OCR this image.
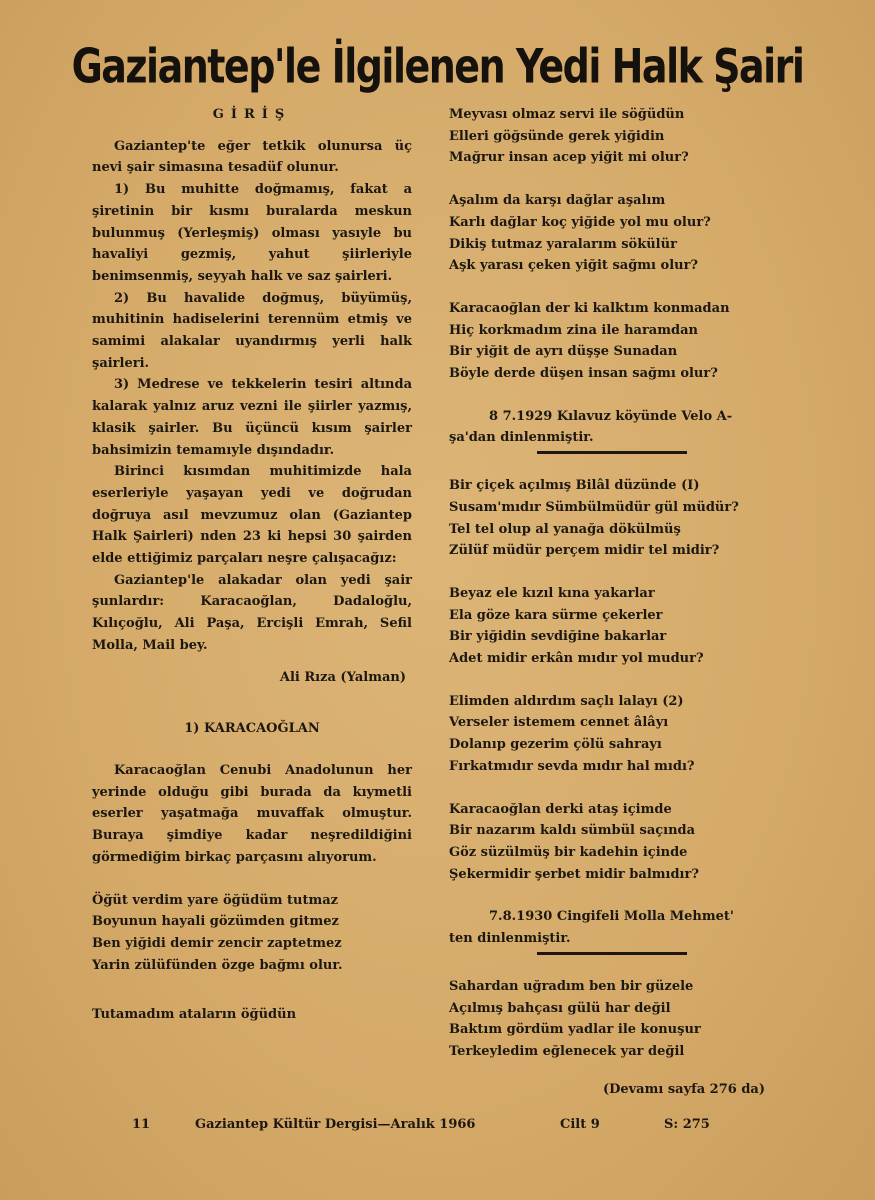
Gaziantep'le İlgilenen Yedi Halk Şairi

GİRİŞ

Gaziantep'te eğer tetkik olunursa üç nevi şair simasına tesadüf olunur.

1) Bu muhitte doğmamış, fakat a şiretinin bir kısmı buralarda meskun bulunmuş (Yerleşmiş) olması yasıyle bu havaliyi gezmiş, yahut şiirleriyle benimsenmiş, seyyah halk ve saz şairleri.

2) Bu havalide doğmuş, büyümüş, muhitinin hadiselerini terennüm etmiş ve samimi alakalar uyandırmış yerli halk şairleri.

3) Medrese ve tekkelerin tesiri altında kalarak yalnız aruz vezni ile şiirler yazmış, klasik şairler. Bu üçüncü kısım şairler bahsimizin temamıyle dışındadır.

Birinci kısımdan muhitimizde hala eserleriyle yaşayan yedi ve doğrudan doğruya asıl mevzumuz olan (Gaziantep Halk Şairleri) nden 23 ki hepsi 30 şairden elde ettiğimiz parçaları neşre çalışacağız:

Gaziantep'le alakadar olan yedi şair şunlardır: Karacaoğlan, Dadaloğlu, Kılıçoğlu, Ali Paşa, Ercişli Emrah, Sefil Molla, Mail bey.

Ali Rıza (Yalman)

1) KARACAOĞLAN

Karacaoğlan Cenubi Anadolunun her yerinde olduğu gibi burada da kıymetli eserler yaşatmağa muvaffak olmuştur. Buraya şimdiye kadar neşredildiğini görmediğim birkaç parçasını alıyorum.

Öğüt verdim yare öğüdüm tutmaz

Boyunun hayali gözümden gitmez

Ben yiğidi demir zencir zaptetmez

Yarin zülüfünden özge bağmı olur.

Tutamadım ataların öğüdün

Meyvası olmaz servi ile söğüdün

Elleri göğsünde gerek yiğidin

Mağrur insan acep yiğit mi olur?

Aşalım da karşı dağlar aşalım

Karlı dağlar koç yiğide yol mu olur?

Dikiş tutmaz yaralarım sökülür

Aşk yarası çeken yiğit sağmı olur?

Karacaoğlan der ki kalktım konmadan

Hiç korkmadım zina ile haramdan

Bir yiğit de ayrı düşşe Sunadan

Böyle derde düşen insan sağmı olur?

8 7.1929 Kılavuz köyünde Velo A-

şa'dan dinlenmiştir.

Bir çiçek açılmış Bilâl düzünde (I)

Susam'mıdır Sümbülmüdür gül müdür?

Tel tel olup al yanağa dökülmüş

Zülüf müdür perçem midir tel midir?

Beyaz ele kızıl kına yakarlar

Ela göze kara sürme çekerler

Bir yiğidin sevdiğine bakarlar

Adet midir erkân mıdır yol mudur?

Elimden aldırdım saçlı lalayı (2)

Verseler istemem cennet âlâyı

Dolanıp gezerim çölü sahrayı

Fırkatmıdır sevda mıdır hal mıdı?

Karacaoğlan derki ataş içimde

Bir nazarım kaldı sümbül saçında

Göz süzülmüş bir kadehin içinde

Şekermidir şerbet midir balmıdır?

7.8.1930 Cingifeli Molla Mehmet'

ten dinlenmiştir.

Sahardan uğradım ben bir güzele

Açılmış bahçası gülü har değil

Baktım gördüm yadlar ile konuşur

Terkeyledim eğlenecek yar değil

(Devamı sayfa 276 da)

11	Gaziantep Kültür Dergisi—Aralık 1966	Cilt 9	S: 275
